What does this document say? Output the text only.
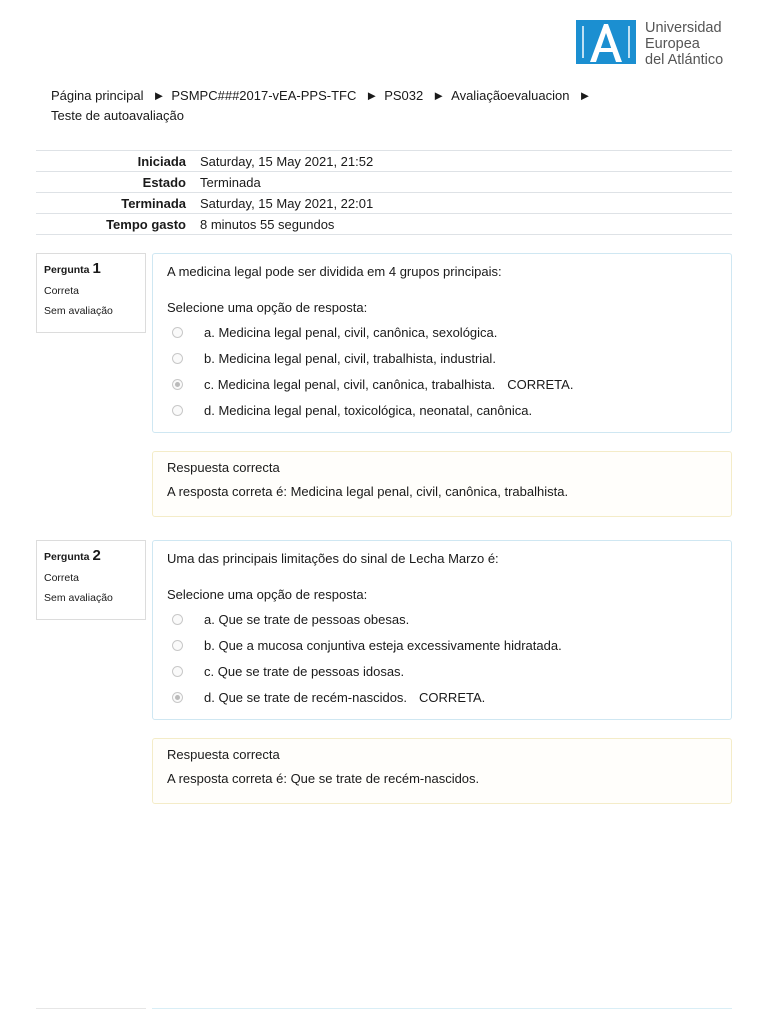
Universidad
Europea
del Atlántico
Página principal ► PSMPC###2017-vEA-PPS-TFC ► PS032 ► Avaliaçãoevaluacion ►
Teste de autoavaliação
Iniciada	Saturday, 15 May 2021, 21:52
Estado	Terminada
Terminada	Saturday, 15 May 2021, 22:01
Tempo gasto	8 minutos 55 segundos
Pergunta 1
Correta
Sem avaliação
A medicina legal pode ser dividida em 4 grupos principais:
Selecione uma opção de resposta:
a. Medicina legal penal, civil, canônica, sexológica.
b. Medicina legal penal, civil, trabalhista, industrial.
c. Medicina legal penal, civil, canônica, trabalhista. CORRETA.
d. Medicina legal penal, toxicológica, neonatal, canônica.
Respuesta correcta
A resposta correta é: Medicina legal penal, civil, canônica, trabalhista.
Pergunta 2
Correta
Sem avaliação
Uma das principais limitações do sinal de Lecha Marzo é:
Selecione uma opção de resposta:
a. Que se trate de pessoas obesas.
b. Que a mucosa conjuntiva esteja excessivamente hidratada.
c. Que se trate de pessoas idosas.
d. Que se trate de recém-nascidos. CORRETA.
Respuesta correcta
A resposta correta é: Que se trate de recém-nascidos.
